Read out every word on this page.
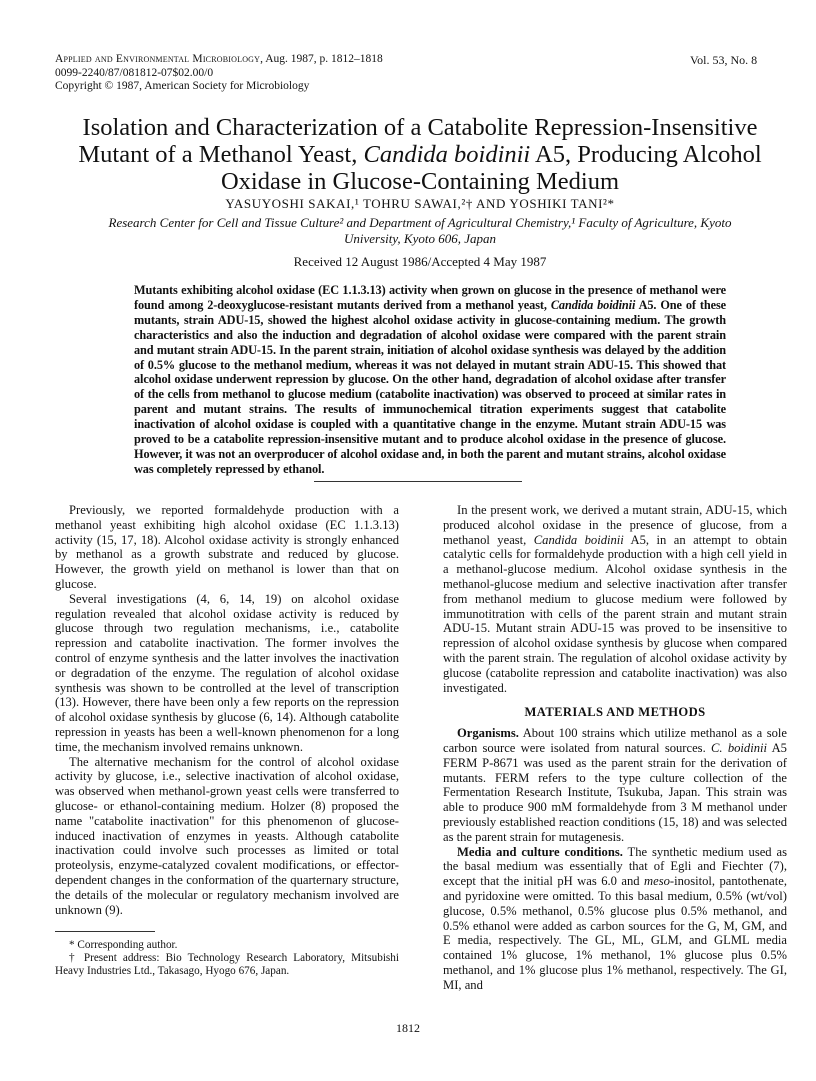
Applied and Environmental Microbiology, Aug. 1987, p. 1812–1818
0099-2240/87/081812-07$02.00/0
Copyright © 1987, American Society for Microbiology
Vol. 53, No. 8
Isolation and Characterization of a Catabolite Repression-Insensitive Mutant of a Methanol Yeast, Candida boidinii A5, Producing Alcohol Oxidase in Glucose-Containing Medium
YASUYOSHI SAKAI,¹ TOHRU SAWAI,²† AND YOSHIKI TANI²*
Research Center for Cell and Tissue Culture² and Department of Agricultural Chemistry,¹ Faculty of Agriculture, Kyoto University, Kyoto 606, Japan
Received 12 August 1986/Accepted 4 May 1987

Mutants exhibiting alcohol oxidase (EC 1.1.3.13) activity when grown on glucose in the presence of methanol were found among 2-deoxyglucose-resistant mutants derived from a methanol yeast, Candida boidinii A5. One of these mutants, strain ADU-15, showed the highest alcohol oxidase activity in glucose-containing medium. The growth characteristics and also the induction and degradation of alcohol oxidase were compared with the parent strain and mutant strain ADU-15. In the parent strain, initiation of alcohol oxidase synthesis was delayed by the addition of 0.5% glucose to the methanol medium, whereas it was not delayed in mutant strain ADU-15. This showed that alcohol oxidase underwent repression by glucose. On the other hand, degradation of alcohol oxidase after transfer of the cells from methanol to glucose medium (catabolite inactivation) was observed to proceed at similar rates in parent and mutant strains. The results of immunochemical titration experiments suggest that catabolite inactivation of alcohol oxidase is coupled with a quantitative change in the enzyme. Mutant strain ADU-15 was proved to be a catabolite repression-insensitive mutant and to produce alcohol oxidase in the presence of glucose. However, it was not an overproducer of alcohol oxidase and, in both the parent and mutant strains, alcohol oxidase was completely repressed by ethanol.

Previously, we reported formaldehyde production with a methanol yeast exhibiting high alcohol oxidase (EC 1.1.3.13) activity (15, 17, 18). Alcohol oxidase activity is strongly enhanced by methanol as a growth substrate and reduced by glucose. However, the growth yield on methanol is lower than that on glucose.

Several investigations (4, 6, 14, 19) on alcohol oxidase regulation revealed that alcohol oxidase activity is reduced by glucose through two regulation mechanisms, i.e., catabolite repression and catabolite inactivation. The former involves the control of enzyme synthesis and the latter involves the inactivation or degradation of the enzyme. The regulation of alcohol oxidase synthesis was shown to be controlled at the level of transcription (13). However, there have been only a few reports on the repression of alcohol oxidase synthesis by glucose (6, 14). Although catabolite repression in yeasts has been a well-known phenomenon for a long time, the mechanism involved remains unknown.

The alternative mechanism for the control of alcohol oxidase activity by glucose, i.e., selective inactivation of alcohol oxidase, was observed when methanol-grown yeast cells were transferred to glucose- or ethanol-containing medium. Holzer (8) proposed the name "catabolite inactivation" for this phenomenon of glucose-induced inactivation of enzymes in yeasts. Although catabolite inactivation could involve such processes as limited or total proteolysis, enzyme-catalyzed covalent modifications, or effector-dependent changes in the conformation of the quarternary structure, the details of the molecular or regulatory mechanism involved are unknown (9).

In the present work, we derived a mutant strain, ADU-15, which produced alcohol oxidase in the presence of glucose, from a methanol yeast, Candida boidinii A5, in an attempt to obtain catalytic cells for formaldehyde production with a high cell yield in a methanol-glucose medium. Alcohol oxidase synthesis in the methanol-glucose medium and selective inactivation after transfer from methanol medium to glucose medium were followed by immunotitration with cells of the parent strain and mutant strain ADU-15. Mutant strain ADU-15 was proved to be insensitive to repression of alcohol oxidase synthesis by glucose when compared with the parent strain. The regulation of alcohol oxidase activity by glucose (catabolite repression and catabolite inactivation) was also investigated.

MATERIALS AND METHODS

Organisms. About 100 strains which utilize methanol as a sole carbon source were isolated from natural sources. C. boidinii A5 FERM P-8671 was used as the parent strain for the derivation of mutants. FERM refers to the type culture collection of the Fermentation Research Institute, Tsukuba, Japan. This strain was able to produce 900 mM formaldehyde from 3 M methanol under previously established reaction conditions (15, 18) and was selected as the parent strain for mutagenesis.

Media and culture conditions. The synthetic medium used as the basal medium was essentially that of Egli and Fiechter (7), except that the initial pH was 6.0 and meso-inositol, pantothenate, and pyridoxine were omitted. To this basal medium, 0.5% (wt/vol) glucose, 0.5% methanol, 0.5% glucose plus 0.5% methanol, and 0.5% ethanol were added as carbon sources for the G, M, GM, and E media, respectively. The GL, ML, GLM, and GLML media contained 1% glucose, 1% methanol, 1% glucose plus 0.5% methanol, and 1% glucose plus 1% methanol, respectively. The GI, MI, and

* Corresponding author.
† Present address: Bio Technology Research Laboratory, Mitsubishi Heavy Industries Ltd., Takasago, Hyogo 676, Japan.
1812
